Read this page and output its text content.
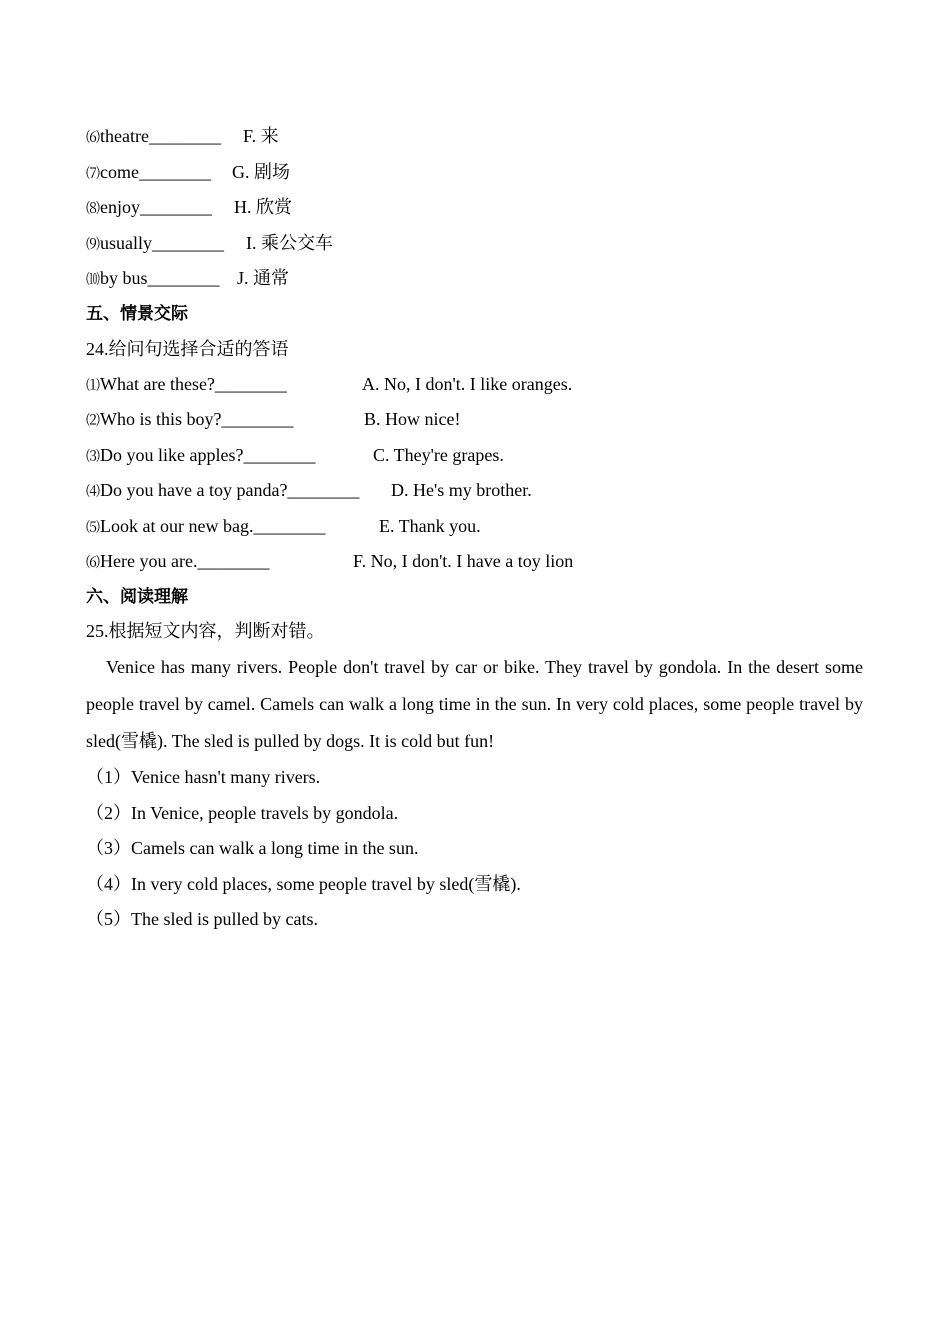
⑹theatre________ F. 来
⑺come________ G. 剧场
⑻enjoy________ H. 欣赏
⑼usually________ I. 乘公交车
⑽by bus________ J. 通常
五、情景交际
24.给问句选择合适的答语
⑴What are these?________	A. No, I don't. I like oranges.
⑵Who is this boy?________	B. How nice!
⑶Do you like apples?________	C. They're grapes.
⑷Do you have a toy panda?________ D. He's my brother.
⑸Look at our new bag.________	E. Thank you.
⑹Here you are.________	F. No, I don't. I have a toy lion
六、阅读理解
25.根据短文内容，判断对错。
Venice has many rivers. People don't travel by car or bike. They travel by gondola. In the desert some people travel by camel. Camels can walk a long time in the sun. In very cold places, some people travel by sled(雪橇). The sled is pulled by dogs. It is cold but fun!
（1）Venice hasn't many rivers.
（2）In Venice, people travels by gondola.
（3）Camels can walk a long time in the sun.
（4）In very cold places, some people travel by sled(雪橇).
（5）The sled is pulled by cats.
